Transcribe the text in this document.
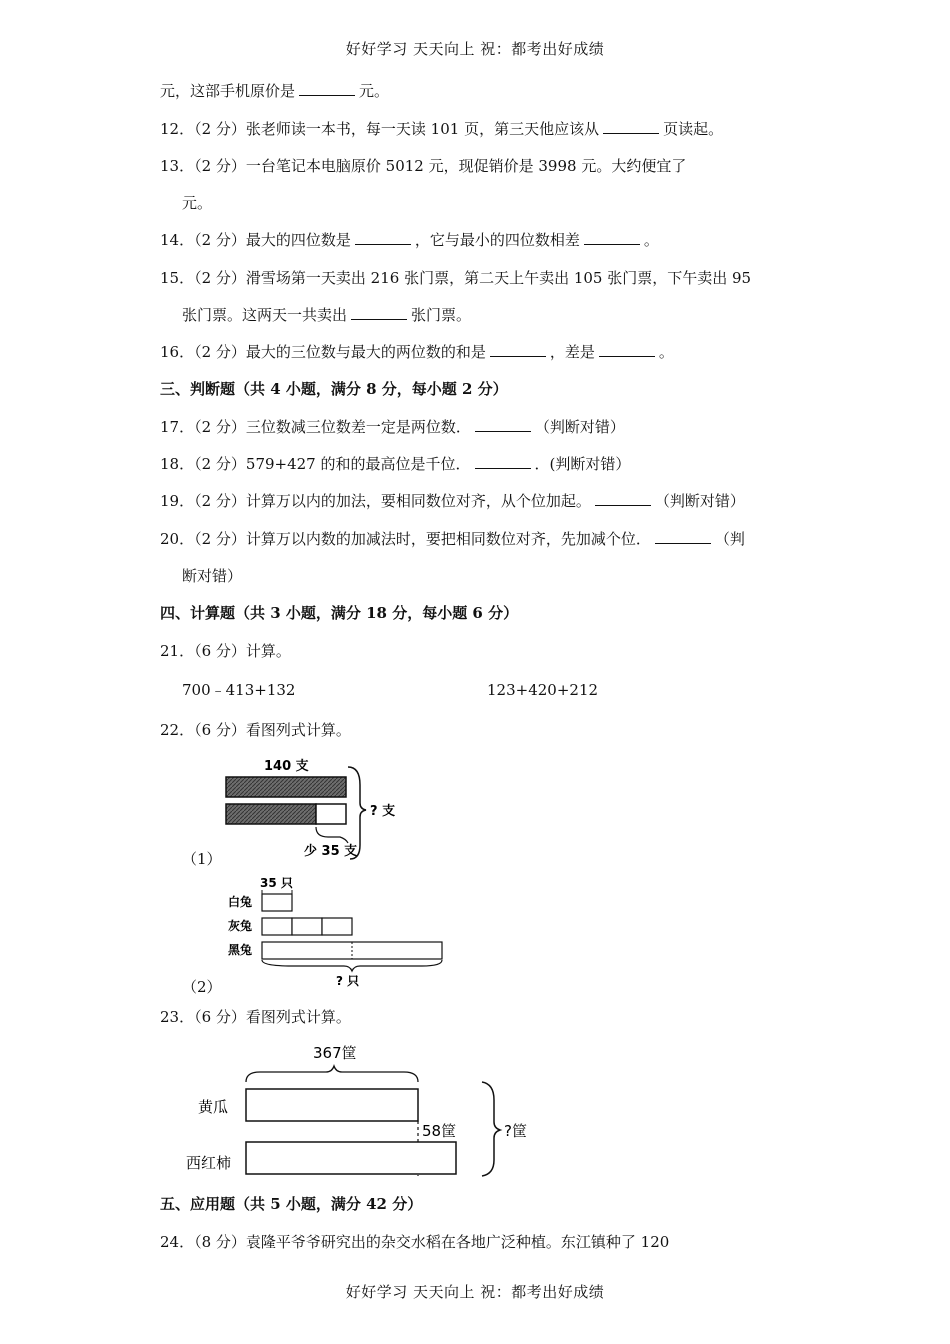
好好学习 天天向上 祝：都考出好成绩
元，这部手机原价是	元。
12．（2 分）张老师读一本书，每一天读 101 页，第三天他应该从	页读起。
13．（2 分）一台笔记本电脑原价 5012 元，现促销价是 3998 元。大约便宜了
元。
14．（2 分）最大的四位数是	，它与最小的四位数相差	。
15．（2 分）滑雪场第一天卖出 216 张门票，第二天上午卖出 105 张门票，下午卖出 95
张门票。这两天一共卖出	张门票。
16．（2 分）最大的三位数与最大的两位数的和是	，差是	。
三、判断题（共 4 小题，满分 8 分，每小题 2 分）
17．（2 分）三位数减三位数差一定是两位数．	（判断对错）
18．（2 分）579+427 的和的最高位是千位．	．(判断对错）
19．（2 分）计算万以内的加法，要相同数位对齐，从个位加起。	（判断对错）
20．（2 分）计算万以内数的加减法时，要把相同数位对齐，先加减个位．	（判
断对错）
四、计算题（共 3 小题，满分 18 分，每小题 6 分）
21．（6 分）计算。
700﹣413+132	123+420+212
22．（6 分）看图列式计算。
140 支
? 支
少 35 支
（1）
35 只
白兔
灰兔
黑兔
? 只
（2）
23．（6 分）看图列式计算。
367筐
黄瓜
58筐
西红柿
?筐
五、应用题（共 5 小题，满分 42 分）
24．（8 分）袁隆平爷爷研究出的杂交水稻在各地广泛种植。东江镇种了 120
好好学习 天天向上 祝：都考出好成绩
